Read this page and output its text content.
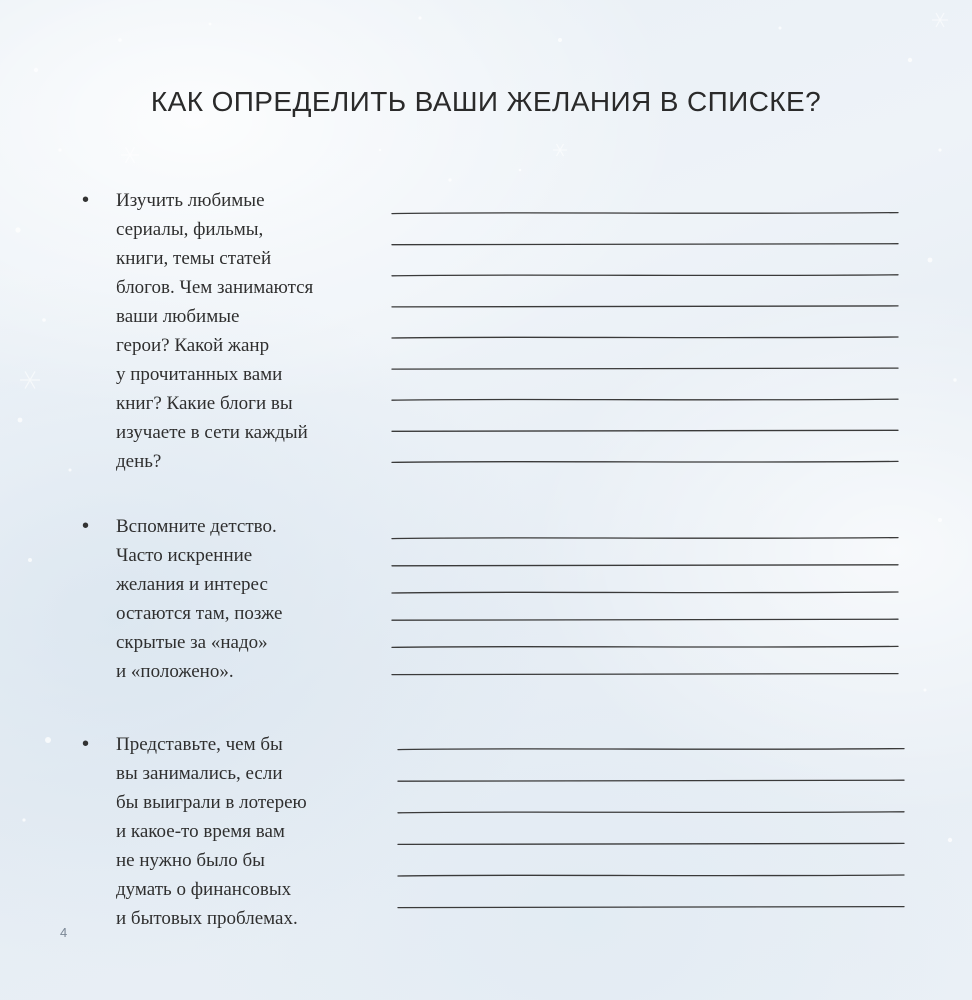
КАК ОПРЕДЕЛИТЬ ВАШИ ЖЕЛАНИЯ В СПИСКЕ?
• Изучить любимые
сериалы, фильмы,
книги, темы статей
блогов. Чем занимаются
ваши любимые
герои? Какой жанр
у прочитанных вами
книг? Какие блоги вы
изучаете в сети каждый
день?
• Вспомните детство.
Часто искренние
желания и интерес
остаются там, позже
скрытые за «надо»
и «положено».
• Представьте, чем бы
вы занимались, если
бы выиграли в лотерею
и какое-то время вам
не нужно было бы
думать о финансовых
и бытовых проблемах.
4
